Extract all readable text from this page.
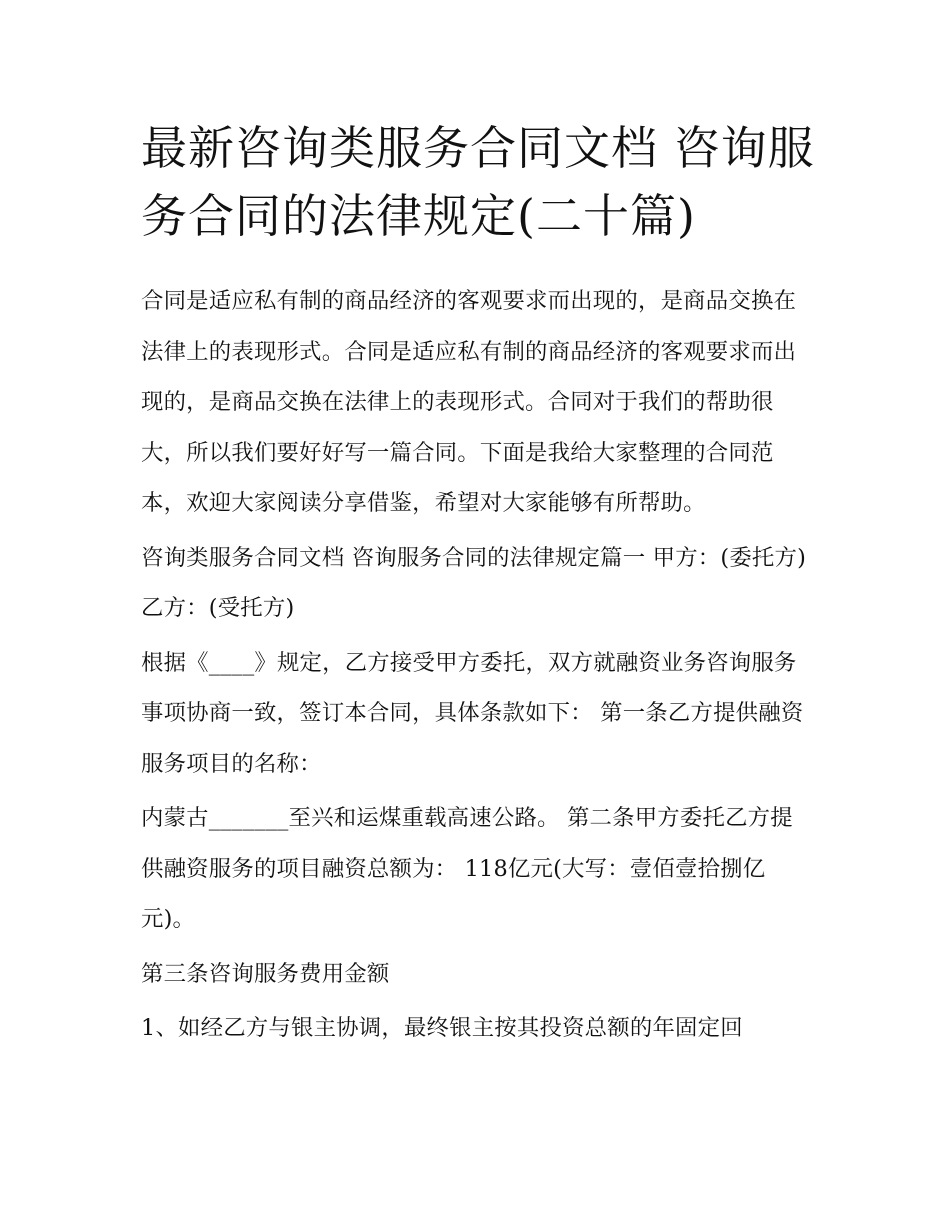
最新咨询类服务合同文档 咨询服务合同的法律规定(二十篇)

合同是适应私有制的商品经济的客观要求而出现的，是商品交换在法律上的表现形式。合同是适应私有制的商品经济的客观要求而出现的，是商品交换在法律上的表现形式。合同对于我们的帮助很大，所以我们要好好写一篇合同。下面是我给大家整理的合同范本，欢迎大家阅读分享借鉴，希望对大家能够有所帮助。

咨询类服务合同文档 咨询服务合同的法律规定篇一 甲方：(委托方) 乙方：(受托方)

根据《____》规定，乙方接受甲方委托，双方就融资业务咨询服务事项协商一致，签订本合同，具体条款如下： 第一条乙方提供融资服务项目的名称：

内蒙古_______至兴和运煤重载高速公路。 第二条甲方委托乙方提供融资服务的项目融资总额为： 118亿元(大写：壹佰壹拾捌亿元)。

第三条咨询服务费用金额

1、如经乙方与银主协调，最终银主按其投资总额的年固定回
